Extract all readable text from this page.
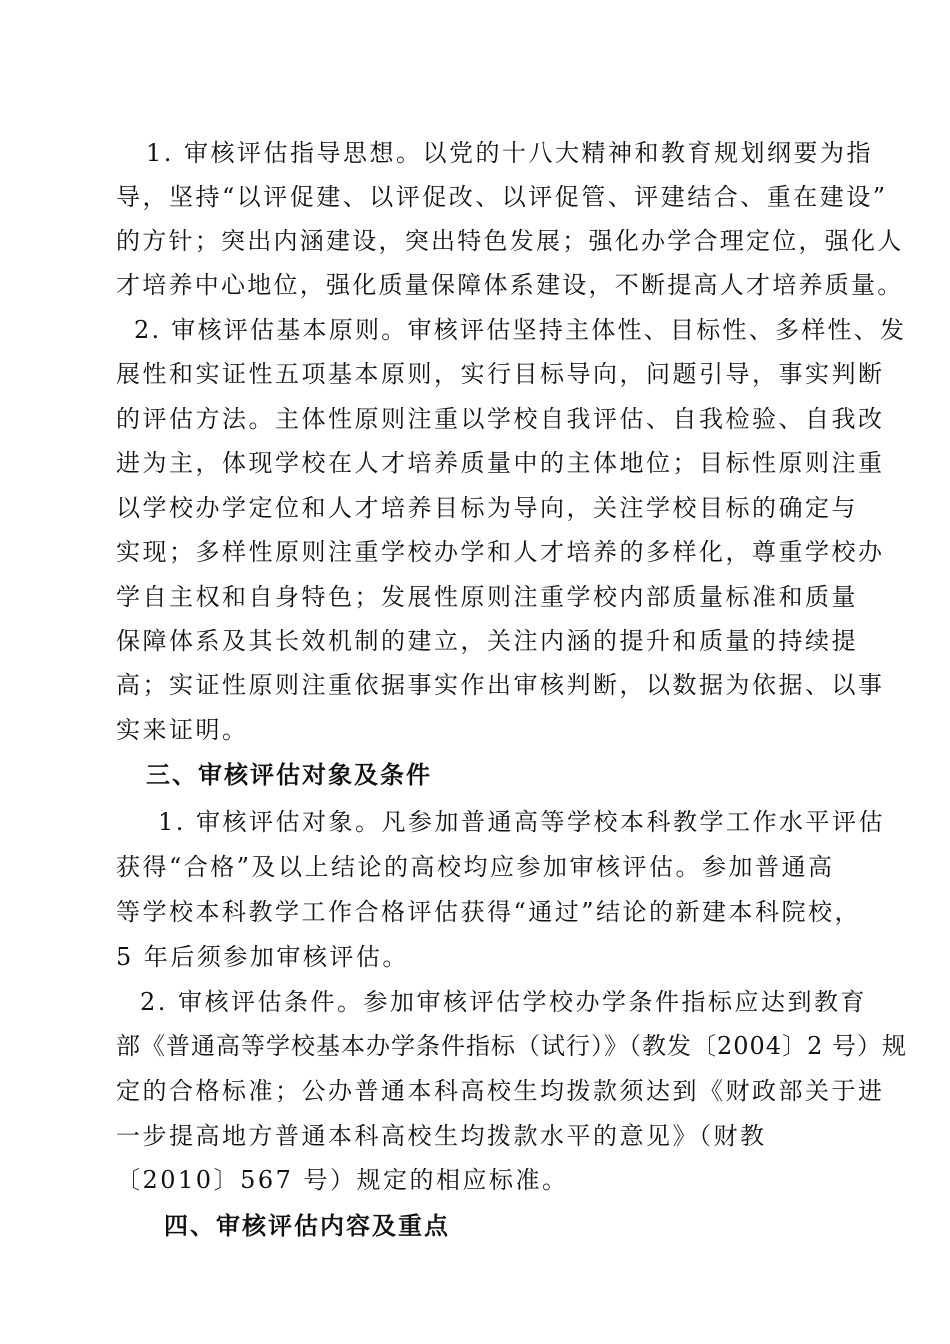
1. 审核评估指导思想。以党的十八大精神和教育规划纲要为指
导，坚持“以评促建、以评促改、以评促管、评建结合、重在建设”
的方针；突出内涵建设，突出特色发展；强化办学合理定位，强化人
才培养中心地位，强化质量保障体系建设，不断提高人才培养质量。
2. 审核评估基本原则。审核评估坚持主体性、目标性、多样性、发
展性和实证性五项基本原则，实行目标导向，问题引导，事实判断
的评估方法。主体性原则注重以学校自我评估、自我检验、自我改
进为主，体现学校在人才培养质量中的主体地位；目标性原则注重
以学校办学定位和人才培养目标为导向，关注学校目标的确定与
实现；多样性原则注重学校办学和人才培养的多样化，尊重学校办
学自主权和自身特色；发展性原则注重学校内部质量标准和质量
保障体系及其长效机制的建立，关注内涵的提升和质量的持续提
高；实证性原则注重依据事实作出审核判断，以数据为依据、以事
实来证明。
三、审核评估对象及条件
1. 审核评估对象。凡参加普通高等学校本科教学工作水平评估
获得“合格”及以上结论的高校均应参加审核评估。参加普通高
等学校本科教学工作合格评估获得“通过”结论的新建本科院校，
5 年后须参加审核评估。
2. 审核评估条件。参加审核评估学校办学条件指标应达到教育
部《普通高等学校基本办学条件指标（试行）》（教发〔2004〕2 号）规
定的合格标准；公办普通本科高校生均拨款须达到《财政部关于进
一步提高地方普通本科高校生均拨款水平的意见》（财教
〔2010〕567 号）规定的相应标准。
四、审核评估内容及重点
